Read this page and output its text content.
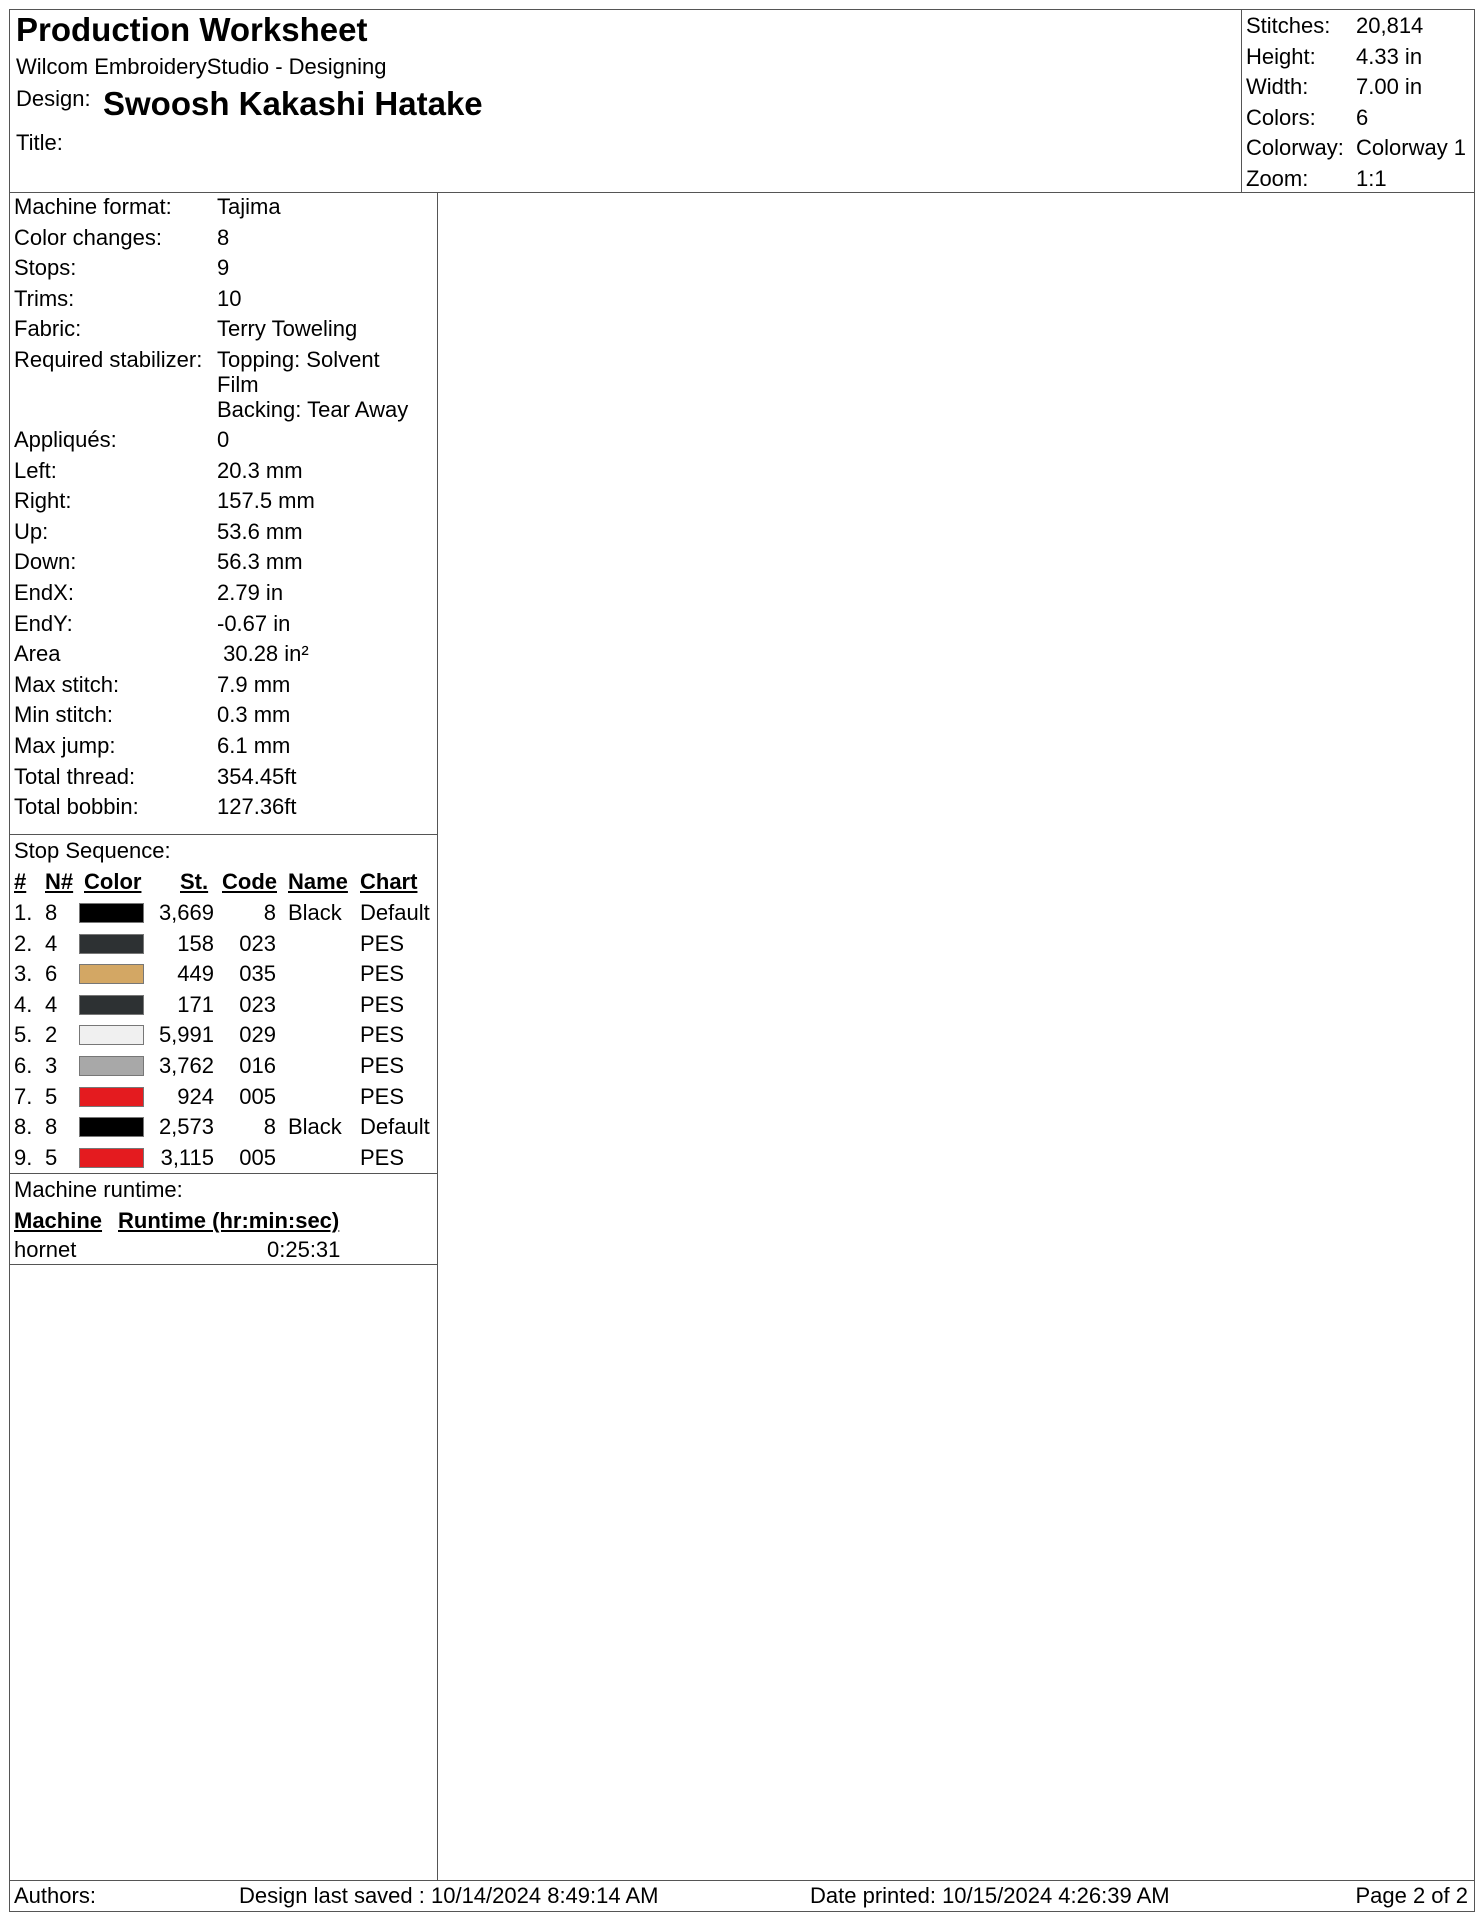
Production Worksheet
Wilcom EmbroideryStudio - Designing
Design: Swoosh Kakashi Hatake
Title:
Stitches: 20,814
Height: 4.33 in
Width: 7.00 in
Colors: 6
Colorway: Colorway 1
Zoom: 1:1
Machine format: Tajima
Color changes:	8
Stops:	9
Trims:	10
Fabric:	Terry Toweling
Required stabilizer: Topping: Solvent Film
Backing: Tear Away
Appliqués:	0
Left:	20.3 mm
Right:	157.5 mm
Up:	53.6 mm
Down:	56.3 mm
EndX:	2.79 in
EndY:	-0.67 in
Area	30.28 in²
Max stitch:	7.9 mm
Min stitch:	0.3 mm
Max jump:	6.1 mm
Total thread:	354.45ft
Total bobbin:	127.36ft
Stop Sequence:
# N# Color St. Code Name Chart
1. 8	3,669 8 Black Default
2. 4	158 023	PES
3. 6	449 035	PES
4. 4	171 023	PES
5. 2	5,991 029	PES
6. 3	3,762 016	PES
7. 5	924 005	PES
8. 8	2,573 8 Black Default
9. 5	3,115 005	PES
Machine runtime:
Machine Runtime (hr:min:sec)
hornet	0:25:31
Authors:	Design last saved : 10/14/2024 8:49:14 AM	Date printed: 10/15/2024 4:26:39 AM	Page 2 of 2
